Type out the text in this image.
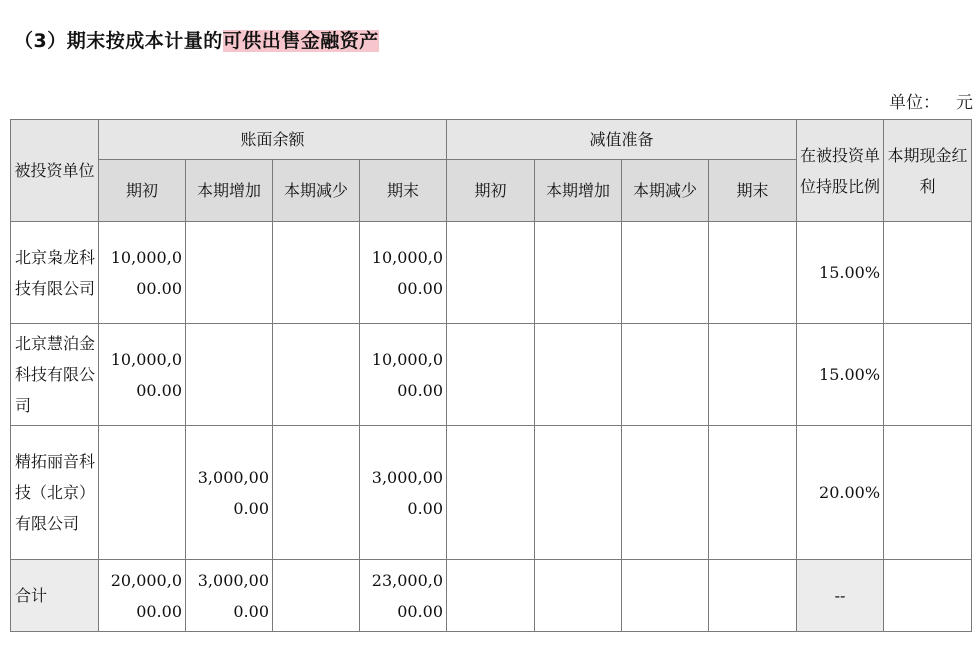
（3）期末按成本计量的可供出售金融资产
单位： 元
被投资单位	账面余额				减值准备				在被投资单位持股比例	本期现金红利
	期初	本期增加	本期减少	期末	期初	本期增加	本期减少	期末		
北京枭龙科技有限公司	10,000,000.00			10,000,000.00					15.00%	
北京慧泊金科技有限公司	10,000,000.00			10,000,000.00					15.00%	
精拓丽音科技（北京）有限公司		3,000,000.00		3,000,000.00					20.00%	
合计	20,000,000.00	3,000,000.00		23,000,000.00					--	
